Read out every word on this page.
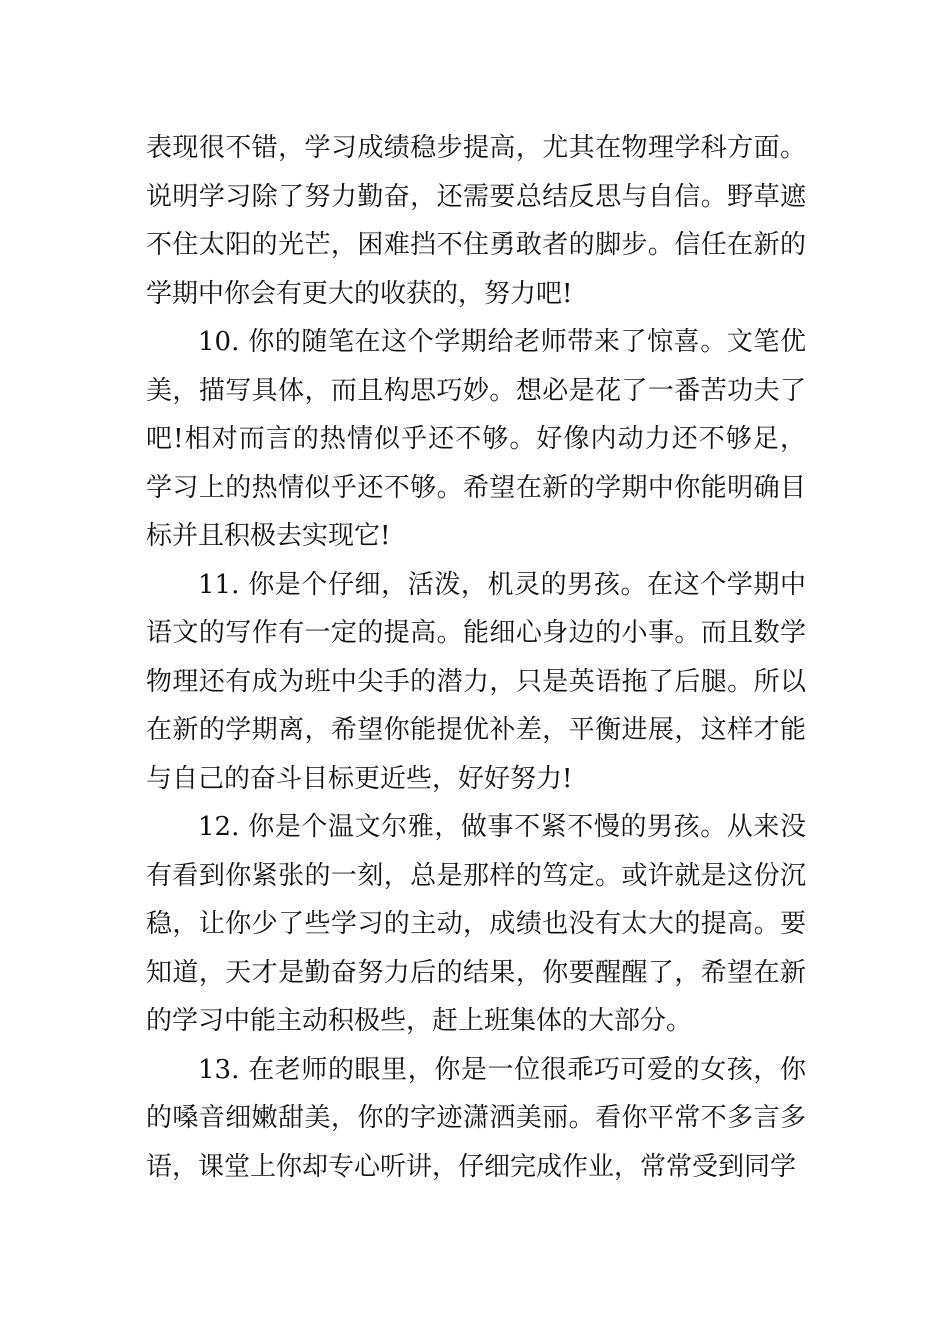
表现很不错，学习成绩稳步提高，尤其在物理学科方面。说明学习除了努力勤奋，还需要总结反思与自信。野草遮不住太阳的光芒，困难挡不住勇敢者的脚步。信任在新的学期中你会有更大的收获的，努力吧!

10. 你的随笔在这个学期给老师带来了惊喜。文笔优美，描写具体，而且构思巧妙。想必是花了一番苦功夫了吧!相对而言的热情似乎还不够。好像内动力还不够足，学习上的热情似乎还不够。希望在新的学期中你能明确目标并且积极去实现它!

11. 你是个仔细，活泼，机灵的男孩。在这个学期中语文的写作有一定的提高。能细心身边的小事。而且数学物理还有成为班中尖手的潜力，只是英语拖了后腿。所以在新的学期离，希望你能提优补差，平衡进展，这样才能与自己的奋斗目标更近些，好好努力!

12. 你是个温文尔雅，做事不紧不慢的男孩。从来没有看到你紧张的一刻，总是那样的笃定。或许就是这份沉稳，让你少了些学习的主动，成绩也没有太大的提高。要知道，天才是勤奋努力后的结果，你要醒醒了，希望在新的学习中能主动积极些，赶上班集体的大部分。

13. 在老师的眼里，你是一位很乖巧可爱的女孩，你的嗓音细嫩甜美，你的字迹潇洒美丽。看你平常不多言多语，课堂上你却专心听讲，仔细完成作业，常常受到同学
